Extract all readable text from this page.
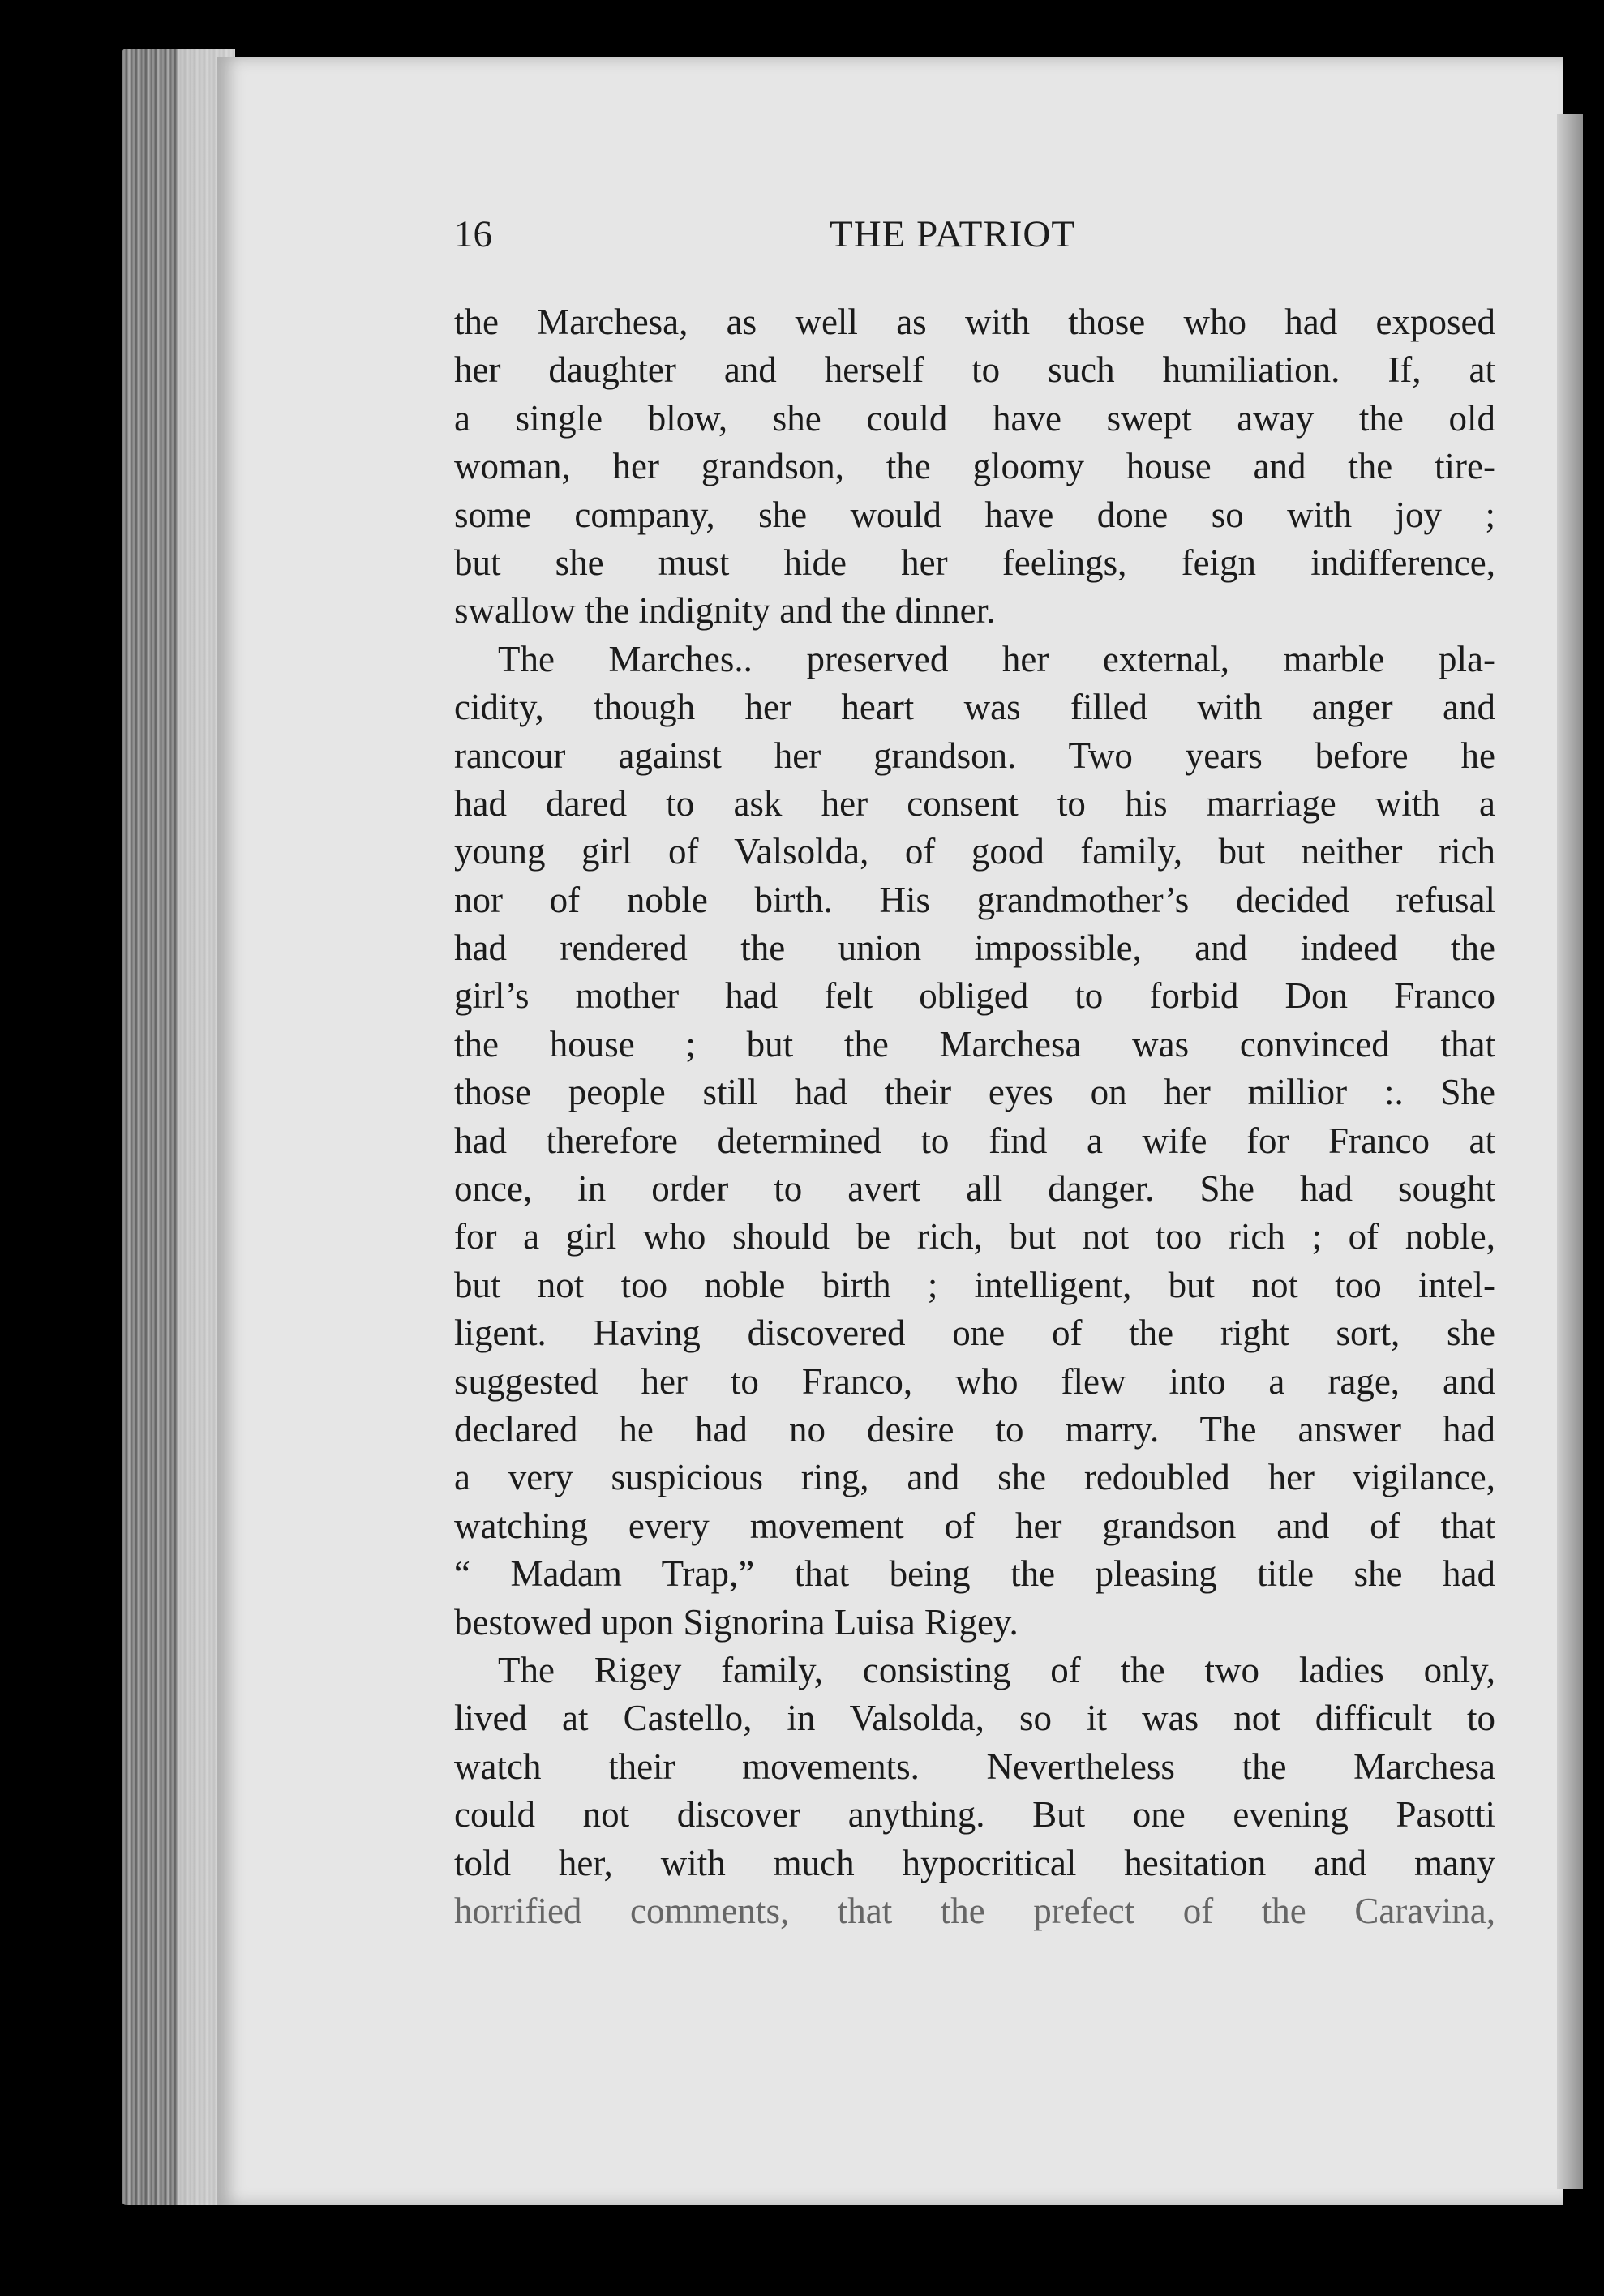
16	THE PATRIOT
the Marchesa, as well as with those who had exposed
her daughter and herself to such humiliation. If, at
a single blow, she could have swept away the old
woman, her grandson, the gloomy house and the tire-
some company, she would have done so with joy ;
but she must hide her feelings, feign indifference,
swallow the indignity and the dinner.
The Marches.. preserved her external, marble pla-
cidity, though her heart was filled with anger and
rancour against her grandson. Two years before he
had dared to ask her consent to his marriage with a
young girl of Valsolda, of good family, but neither rich
nor of noble birth. His grandmother’s decided refusal
had rendered the union impossible, and indeed the
girl’s mother had felt obliged to forbid Don Franco
the house ; but the Marchesa was convinced that
those people still had their eyes on her millior :. She
had therefore determined to find a wife for Franco at
once, in order to avert all danger. She had sought
for a girl who should be rich, but not too rich ; of noble,
but not too noble birth ; intelligent, but not too intel-
ligent. Having discovered one of the right sort, she
suggested her to Franco, who flew into a rage, and
declared he had no desire to marry. The answer had
a very suspicious ring, and she redoubled her vigilance,
watching every movement of her grandson and of that
“ Madam Trap,” that being the pleasing title she had
bestowed upon Signorina Luisa Rigey.
The Rigey family, consisting of the two ladies only,
lived at Castello, in Valsolda, so it was not difficult to
watch their movements. Nevertheless the Marchesa
could not discover anything. But one evening Pasotti
told her, with much hypocritical hesitation and many
horrified comments, that the prefect of the Caravina,
